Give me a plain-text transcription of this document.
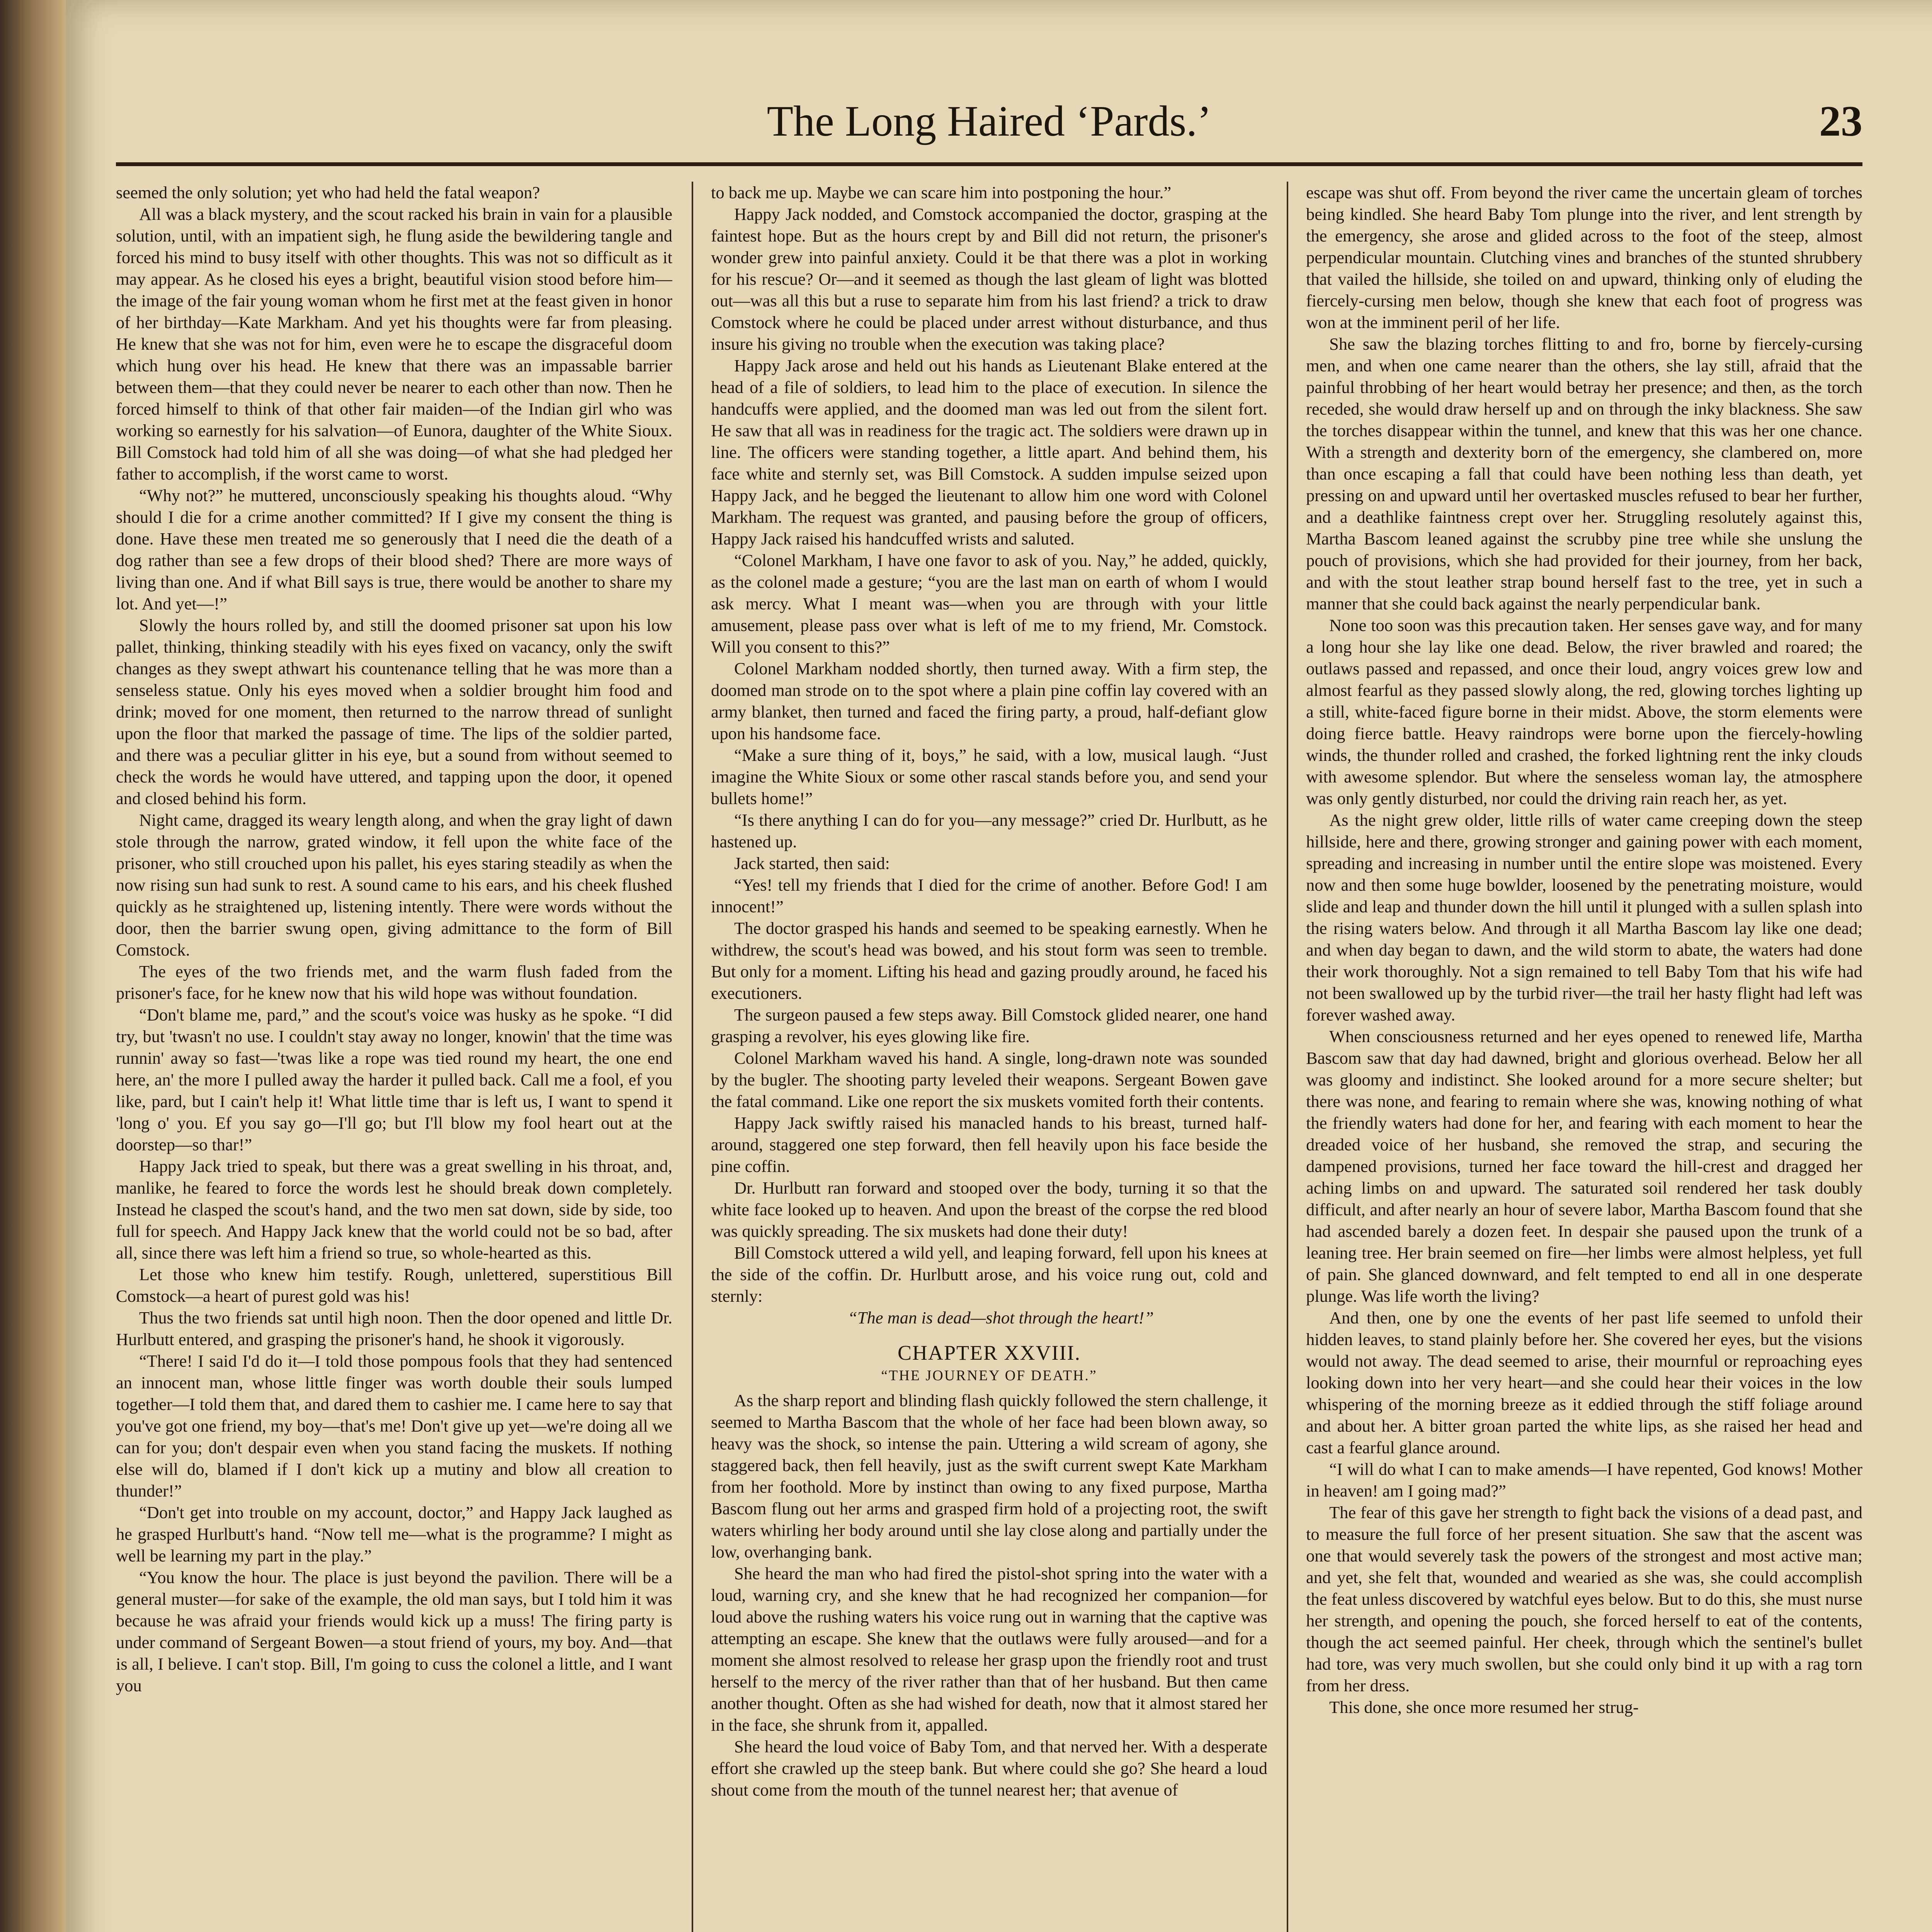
The Long Haired ‘Pards.’	23

seemed the only solution; yet who had held the fatal weapon?

All was a black mystery, and the scout racked his brain in vain for a plausible solution, until, with an impatient sigh, he flung aside the bewildering tangle and forced his mind to busy itself with other thoughts. This was not so difficult as it may appear. As he closed his eyes a bright, beautiful vision stood before him—the image of the fair young woman whom he first met at the feast given in honor of her birthday—Kate Markham. And yet his thoughts were far from pleasing. He knew that she was not for him, even were he to escape the disgraceful doom which hung over his head. He knew that there was an impassable barrier between them—that they could never be nearer to each other than now. Then he forced himself to think of that other fair maiden—of the Indian girl who was working so earnestly for his salvation—of Eunora, daughter of the White Sioux. Bill Comstock had told him of all she was doing—of what she had pledged her father to accomplish, if the worst came to worst.

“Why not?” he muttered, unconsciously speaking his thoughts aloud. “Why should I die for a crime another committed? If I give my consent the thing is done. Have these men treated me so generously that I need die the death of a dog rather than see a few drops of their blood shed? There are more ways of living than one. And if what Bill says is true, there would be another to share my lot. And yet—!”

Slowly the hours rolled by, and still the doomed prisoner sat upon his low pallet, thinking, thinking steadily with his eyes fixed on vacancy, only the swift changes as they swept athwart his countenance telling that he was more than a senseless statue. Only his eyes moved when a soldier brought him food and drink; moved for one moment, then returned to the narrow thread of sunlight upon the floor that marked the passage of time. The lips of the soldier parted, and there was a peculiar glitter in his eye, but a sound from without seemed to check the words he would have uttered, and tapping upon the door, it opened and closed behind his form.

Night came, dragged its weary length along, and when the gray light of dawn stole through the narrow, grated window, it fell upon the white face of the prisoner, who still crouched upon his pallet, his eyes staring steadily as when the now rising sun had sunk to rest. A sound came to his ears, and his cheek flushed quickly as he straightened up, listening intently. There were words without the door, then the barrier swung open, giving admittance to the form of Bill Comstock.

The eyes of the two friends met, and the warm flush faded from the prisoner's face, for he knew now that his wild hope was without foundation.

“Don't blame me, pard,” and the scout's voice was husky as he spoke. “I did try, but 'twasn't no use. I couldn't stay away no longer, knowin' that the time was runnin' away so fast—'twas like a rope was tied round my heart, the one end here, an' the more I pulled away the harder it pulled back. Call me a fool, ef you like, pard, but I cain't help it! What little time thar is left us, I want to spend it 'long o' you. Ef you say go—I'll go; but I'll blow my fool heart out at the doorstep—so thar!”

Happy Jack tried to speak, but there was a great swelling in his throat, and, manlike, he feared to force the words lest he should break down completely. Instead he clasped the scout's hand, and the two men sat down, side by side, too full for speech. And Happy Jack knew that the world could not be so bad, after all, since there was left him a friend so true, so whole-hearted as this.

Let those who knew him testify. Rough, unlettered, superstitious Bill Comstock—a heart of purest gold was his!

Thus the two friends sat until high noon. Then the door opened and little Dr. Hurlbutt entered, and grasping the prisoner's hand, he shook it vigorously.

“There! I said I'd do it—I told those pompous fools that they had sentenced an innocent man, whose little finger was worth double their souls lumped together—I told them that, and dared them to cashier me. I came here to say that you've got one friend, my boy—that's me! Don't give up yet—we're doing all we can for you; don't despair even when you stand facing the muskets. If nothing else will do, blamed if I don't kick up a mutiny and blow all creation to thunder!”

“Don't get into trouble on my account, doctor,” and Happy Jack laughed as he grasped Hurlbutt's hand. “Now tell me—what is the programme? I might as well be learning my part in the play.”

“You know the hour. The place is just beyond the pavilion. There will be a general muster—for sake of the example, the old man says, but I told him it was because he was afraid your friends would kick up a muss! The firing party is under command of Sergeant Bowen—a stout friend of yours, my boy. And—that is all, I believe. I can't stop. Bill, I'm going to cuss the colonel a little, and I want you

to back me up. Maybe we can scare him into postponing the hour.”

Happy Jack nodded, and Comstock accompanied the doctor, grasping at the faintest hope. But as the hours crept by and Bill did not return, the prisoner's wonder grew into painful anxiety. Could it be that there was a plot in working for his rescue? Or—and it seemed as though the last gleam of light was blotted out—was all this but a ruse to separate him from his last friend? a trick to draw Comstock where he could be placed under arrest without disturbance, and thus insure his giving no trouble when the execution was taking place?

Happy Jack arose and held out his hands as Lieutenant Blake entered at the head of a file of soldiers, to lead him to the place of execution. In silence the handcuffs were applied, and the doomed man was led out from the silent fort. He saw that all was in readiness for the tragic act. The soldiers were drawn up in line. The officers were standing together, a little apart. And behind them, his face white and sternly set, was Bill Comstock. A sudden impulse seized upon Happy Jack, and he begged the lieutenant to allow him one word with Colonel Markham. The request was granted, and pausing before the group of officers, Happy Jack raised his handcuffed wrists and saluted.

“Colonel Markham, I have one favor to ask of you. Nay,” he added, quickly, as the colonel made a gesture; “you are the last man on earth of whom I would ask mercy. What I meant was—when you are through with your little amusement, please pass over what is left of me to my friend, Mr. Comstock. Will you consent to this?”

Colonel Markham nodded shortly, then turned away. With a firm step, the doomed man strode on to the spot where a plain pine coffin lay covered with an army blanket, then turned and faced the firing party, a proud, half-defiant glow upon his handsome face.

“Make a sure thing of it, boys,” he said, with a low, musical laugh. “Just imagine the White Sioux or some other rascal stands before you, and send your bullets home!”

“Is there anything I can do for you—any message?” cried Dr. Hurlbutt, as he hastened up.

Jack started, then said:

“Yes! tell my friends that I died for the crime of another. Before God! I am innocent!”

The doctor grasped his hands and seemed to be speaking earnestly. When he withdrew, the scout's head was bowed, and his stout form was seen to tremble. But only for a moment. Lifting his head and gazing proudly around, he faced his executioners.

The surgeon paused a few steps away. Bill Comstock glided nearer, one hand grasping a revolver, his eyes glowing like fire.

Colonel Markham waved his hand. A single, long-drawn note was sounded by the bugler. The shooting party leveled their weapons. Sergeant Bowen gave the fatal command. Like one report the six muskets vomited forth their contents.

Happy Jack swiftly raised his manacled hands to his breast, turned half-around, staggered one step forward, then fell heavily upon his face beside the pine coffin.

Dr. Hurlbutt ran forward and stooped over the body, turning it so that the white face looked up to heaven. And upon the breast of the corpse the red blood was quickly spreading. The six muskets had done their duty!

Bill Comstock uttered a wild yell, and leaping forward, fell upon his knees at the side of the coffin. Dr. Hurlbutt arose, and his voice rung out, cold and sternly:

“The man is dead—shot through the heart!”

CHAPTER XXVIII.
“THE JOURNEY OF DEATH.”

As the sharp report and blinding flash quickly followed the stern challenge, it seemed to Martha Bascom that the whole of her face had been blown away, so heavy was the shock, so intense the pain. Uttering a wild scream of agony, she staggered back, then fell heavily, just as the swift current swept Kate Markham from her foothold. More by instinct than owing to any fixed purpose, Martha Bascom flung out her arms and grasped firm hold of a projecting root, the swift waters whirling her body around until she lay close along and partially under the low, overhanging bank.

She heard the man who had fired the pistol-shot spring into the water with a loud, warning cry, and she knew that he had recognized her companion—for loud above the rushing waters his voice rung out in warning that the captive was attempting an escape. She knew that the outlaws were fully aroused—and for a moment she almost resolved to release her grasp upon the friendly root and trust herself to the mercy of the river rather than that of her husband. But then came another thought. Often as she had wished for death, now that it almost stared her in the face, she shrunk from it, appalled.

She heard the loud voice of Baby Tom, and that nerved her. With a desperate effort she crawled up the steep bank. But where could she go? She heard a loud shout come from the mouth of the tunnel nearest her; that avenue of

escape was shut off. From beyond the river came the uncertain gleam of torches being kindled. She heard Baby Tom plunge into the river, and lent strength by the emergency, she arose and glided across to the foot of the steep, almost perpendicular mountain. Clutching vines and branches of the stunted shrubbery that vailed the hillside, she toiled on and upward, thinking only of eluding the fiercely-cursing men below, though she knew that each foot of progress was won at the imminent peril of her life.

She saw the blazing torches flitting to and fro, borne by fiercely-cursing men, and when one came nearer than the others, she lay still, afraid that the painful throbbing of her heart would betray her presence; and then, as the torch receded, she would draw herself up and on through the inky blackness. She saw the torches disappear within the tunnel, and knew that this was her one chance. With a strength and dexterity born of the emergency, she clambered on, more than once escaping a fall that could have been nothing less than death, yet pressing on and upward until her overtasked muscles refused to bear her further, and a deathlike faintness crept over her. Struggling resolutely against this, Martha Bascom leaned against the scrubby pine tree while she unslung the pouch of provisions, which she had provided for their journey, from her back, and with the stout leather strap bound herself fast to the tree, yet in such a manner that she could back against the nearly perpendicular bank.

None too soon was this precaution taken. Her senses gave way, and for many a long hour she lay like one dead. Below, the river brawled and roared; the outlaws passed and repassed, and once their loud, angry voices grew low and almost fearful as they passed slowly along, the red, glowing torches lighting up a still, white-faced figure borne in their midst. Above, the storm elements were doing fierce battle. Heavy raindrops were borne upon the fiercely-howling winds, the thunder rolled and crashed, the forked lightning rent the inky clouds with awesome splendor. But where the senseless woman lay, the atmosphere was only gently disturbed, nor could the driving rain reach her, as yet.

As the night grew older, little rills of water came creeping down the steep hillside, here and there, growing stronger and gaining power with each moment, spreading and increasing in number until the entire slope was moistened. Every now and then some huge bowlder, loosened by the penetrating moisture, would slide and leap and thunder down the hill until it plunged with a sullen splash into the rising waters below. And through it all Martha Bascom lay like one dead; and when day began to dawn, and the wild storm to abate, the waters had done their work thoroughly. Not a sign remained to tell Baby Tom that his wife had not been swallowed up by the turbid river—the trail her hasty flight had left was forever washed away.

When consciousness returned and her eyes opened to renewed life, Martha Bascom saw that day had dawned, bright and glorious overhead. Below her all was gloomy and indistinct. She looked around for a more secure shelter; but there was none, and fearing to remain where she was, knowing nothing of what the friendly waters had done for her, and fearing with each moment to hear the dreaded voice of her husband, she removed the strap, and securing the dampened provisions, turned her face toward the hill-crest and dragged her aching limbs on and upward. The saturated soil rendered her task doubly difficult, and after nearly an hour of severe labor, Martha Bascom found that she had ascended barely a dozen feet. In despair she paused upon the trunk of a leaning tree. Her brain seemed on fire—her limbs were almost helpless, yet full of pain. She glanced downward, and felt tempted to end all in one desperate plunge. Was life worth the living?

And then, one by one the events of her past life seemed to unfold their hidden leaves, to stand plainly before her. She covered her eyes, but the visions would not away. The dead seemed to arise, their mournful or reproaching eyes looking down into her very heart—and she could hear their voices in the low whispering of the morning breeze as it eddied through the stiff foliage around and about her. A bitter groan parted the white lips, as she raised her head and cast a fearful glance around.

“I will do what I can to make amends—I have repented, God knows! Mother in heaven! am I going mad?”

The fear of this gave her strength to fight back the visions of a dead past, and to measure the full force of her present situation. She saw that the ascent was one that would severely task the powers of the strongest and most active man; and yet, she felt that, wounded and wearied as she was, she could accomplish the feat unless discovered by watchful eyes below. But to do this, she must nurse her strength, and opening the pouch, she forced herself to eat of the contents, though the act seemed painful. Her cheek, through which the sentinel's bullet had tore, was very much swollen, but she could only bind it up with a rag torn from her dress.

This done, she once more resumed her strug-
